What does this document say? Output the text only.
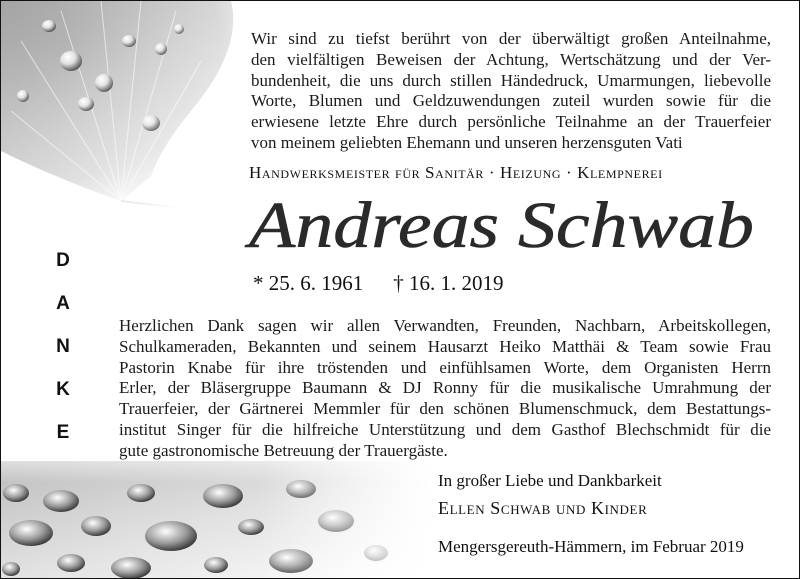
Wir sind zu tiefst berührt von der überwältigt großen Anteilnahme,
den vielfältigen Beweisen der Achtung, Wertschätzung und der Ver-
bundenheit, die uns durch stillen Händedruck, Umarmungen, liebevolle
Worte, Blumen und Geldzuwendungen zuteil wurden sowie für die
erwiesene letzte Ehre durch persönliche Teilnahme an der Trauerfeier
von meinem geliebten Ehemann und unseren herzensguten Vati
Handwerksmeister für Sanitär · Heizung · Klempnerei
Andreas Schwab
* 25. 6. 1961 † 16. 1. 2019
D
A
N
K
E
Herzlichen Dank sagen wir allen Verwandten, Freunden, Nachbarn, Arbeitskollegen,
Schulkameraden, Bekannten und seinem Hausarzt Heiko Matthäi & Team sowie Frau
Pastorin Knabe für ihre tröstenden und einfühlsamen Worte, dem Organisten Herrn
Erler, der Bläsergruppe Baumann & DJ Ronny für die musikalische Umrahmung der
Trauerfeier, der Gärtnerei Memmler für den schönen Blumenschmuck, dem Bestattungs-
institut Singer für die hilfreiche Unterstützung und dem Gasthof Blechschmidt für die
gute gastronomische Betreuung der Trauergäste.
In großer Liebe und Dankbarkeit
Ellen Schwab und Kinder
Mengersgereuth-Hämmern, im Februar 2019
